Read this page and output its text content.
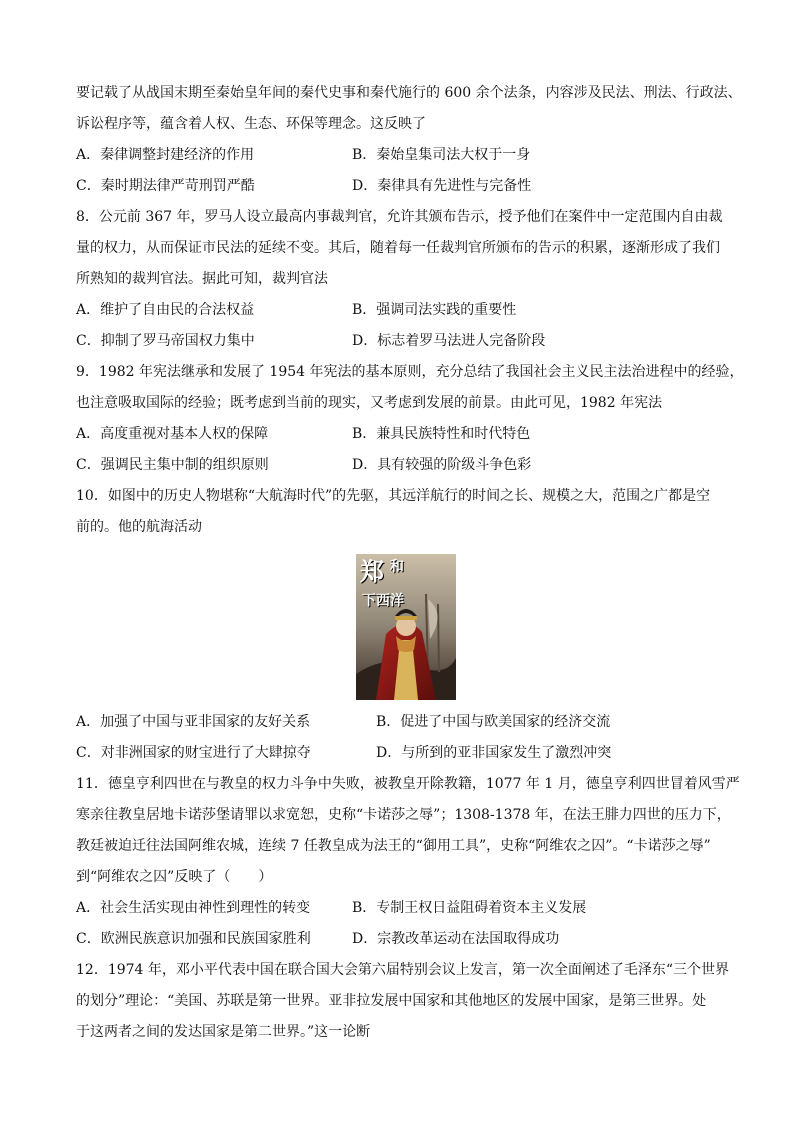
要记载了从战国末期至秦始皇年间的秦代史事和秦代施行的 600 余个法条，内容涉及民法、刑法、行政法、
诉讼程序等，蕴含着人权、生态、环保等理念。这反映了
A．秦律调整封建经济的作用	B．秦始皇集司法大权于一身
C．秦时期法律严苛刑罚严酷	D．秦律具有先进性与完备性
8．公元前 367 年，罗马人设立最高内事裁判官，允许其颁布告示，授予他们在案件中一定范围内自由裁
量的权力，从而保证市民法的延续不变。其后，随着每一任裁判官所颁布的告示的积累，逐渐形成了我们
所熟知的裁判官法。据此可知，裁判官法
A．维护了自由民的合法权益	B．强调司法实践的重要性
C．抑制了罗马帝国权力集中	D．标志着罗马法进人完备阶段
9．1982 年宪法继承和发展了 1954 年宪法的基本原则，充分总结了我国社会主义民主法治进程中的经验，
也注意吸取国际的经验；既考虑到当前的现实，又考虑到发展的前景。由此可见，1982 年宪法
A．高度重视对基本人权的保障	B．兼具民族特性和时代特色
C．强调民主集中制的组织原则	D．具有较强的阶级斗争色彩
10．如图中的历史人物堪称“大航海时代”的先驱，其远洋航行的时间之长、规模之大，范围之广都是空
前的。他的航海活动
郑和
下西洋
A．加强了中国与亚非国家的友好关系	B．促进了中国与欧美国家的经济交流
C．对非洲国家的财宝进行了大肆掠夺	D．与所到的亚非国家发生了激烈冲突
11．德皇亨利四世在与教皇的权力斗争中失败，被教皇开除教籍，1077 年 1 月，德皇亨利四世冒着风雪严
寒亲往教皇居地卡诺莎堡请罪以求宽恕，史称“卡诺莎之辱”；1308-1378 年，在法王腓力四世的压力下，
教廷被迫迁往法国阿维农城，连续 7 任教皇成为法王的“御用工具”，史称“阿维农之囚”。“卡诺莎之辱”
到“阿维农之囚”反映了（　　）
A．社会生活实现由神性到理性的转变	B．专制王权日益阻碍着资本主义发展
C．欧洲民族意识加强和民族国家胜利	D．宗教改革运动在法国取得成功
12．1974 年，邓小平代表中国在联合国大会第六届特别会议上发言，第一次全面阐述了毛泽东“三个世界
的划分”理论：“美国、苏联是第一世界。亚非拉发展中国家和其他地区的发展中国家，是第三世界。处
于这两者之间的发达国家是第二世界。”这一论断
